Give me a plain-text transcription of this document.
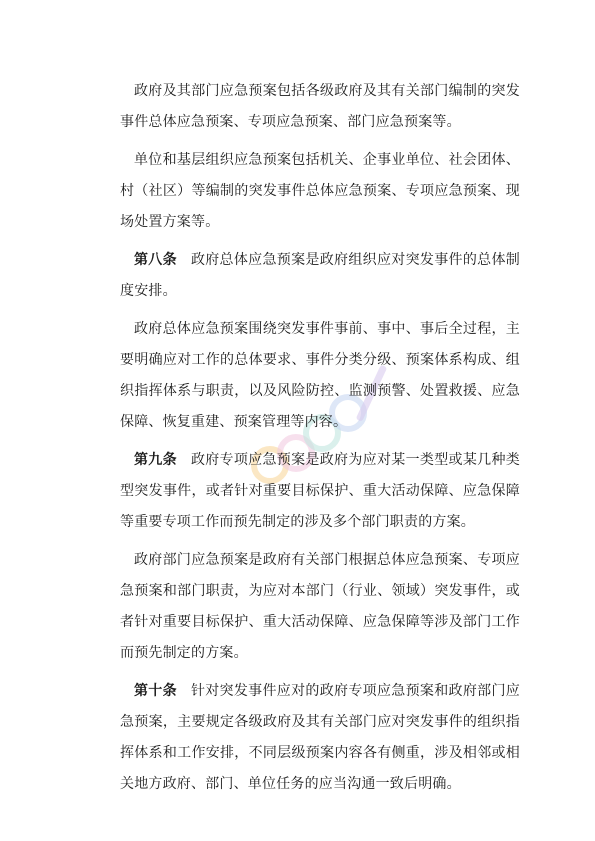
政府及其部门应急预案包括各级政府及其有关部门编制的突发事件总体应急预案、专项应急预案、部门应急预案等。

单位和基层组织应急预案包括机关、企事业单位、社会团体、村（社区）等编制的突发事件总体应急预案、专项应急预案、现场处置方案等。

第八条 政府总体应急预案是政府组织应对突发事件的总体制度安排。

政府总体应急预案围绕突发事件事前、事中、事后全过程，主要明确应对工作的总体要求、事件分类分级、预案体系构成、组织指挥体系与职责，以及风险防控、监测预警、处置救援、应急保障、恢复重建、预案管理等内容。

第九条 政府专项应急预案是政府为应对某一类型或某几种类型突发事件，或者针对重要目标保护、重大活动保障、应急保障等重要专项工作而预先制定的涉及多个部门职责的方案。

政府部门应急预案是政府有关部门根据总体应急预案、专项应急预案和部门职责，为应对本部门（行业、领域）突发事件，或者针对重要目标保护、重大活动保障、应急保障等涉及部门工作而预先制定的方案。

第十条 针对突发事件应对的政府专项应急预案和政府部门应急预案，主要规定各级政府及其有关部门应对突发事件的组织指挥体系和工作安排，不同层级预案内容各有侧重，涉及相邻或相关地方政府、部门、单位任务的应当沟通一致后明确。
